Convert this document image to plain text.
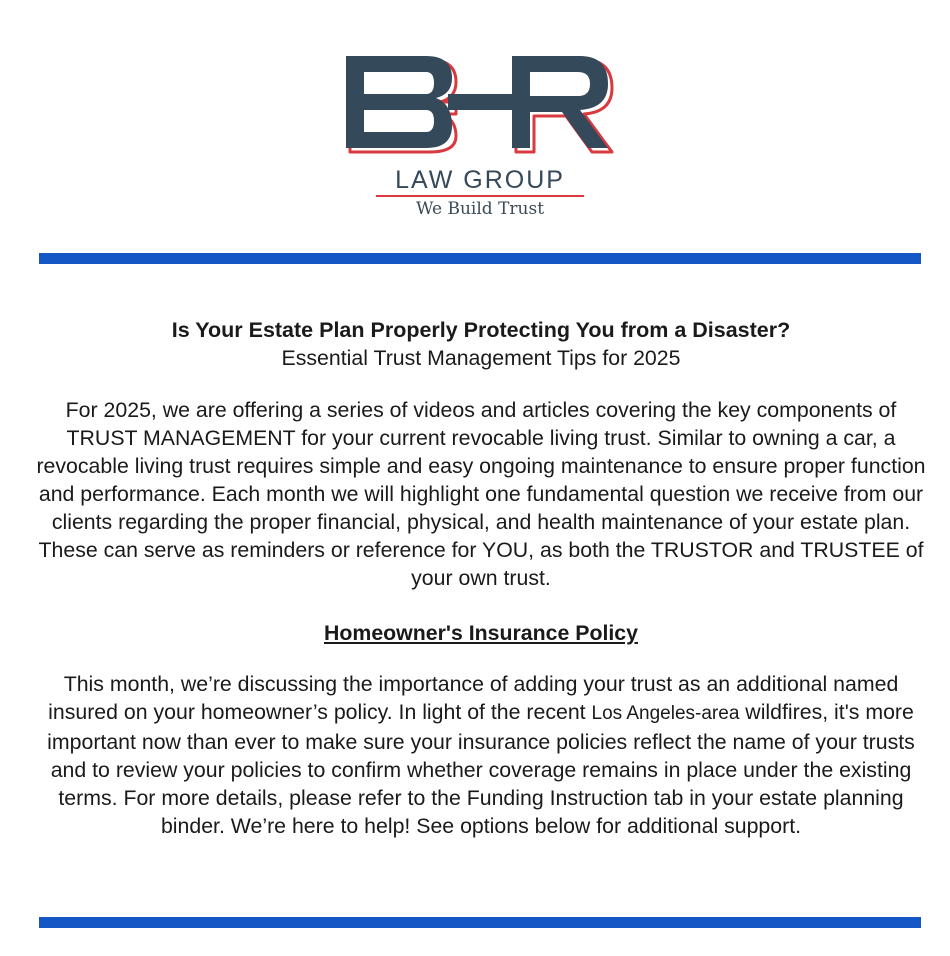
LAW GROUP
We Build Trust

Is Your Estate Plan Properly Protecting You from a Disaster?

Essential Trust Management Tips for 2025

For 2025, we are offering a series of videos and articles covering the key components of TRUST MANAGEMENT for your current revocable living trust. Similar to owning a car, a revocable living trust requires simple and easy ongoing maintenance to ensure proper function and performance. Each month we will highlight one fundamental question we receive from our clients regarding the proper financial, physical, and health maintenance of your estate plan. These can serve as reminders or reference for YOU, as both the TRUSTOR and TRUSTEE of your own trust.

Homeowner's Insurance Policy

This month, we’re discussing the importance of adding your trust as an additional named insured on your homeowner’s policy. In light of the recent Los Angeles-area wildfires, it's more important now than ever to make sure your insurance policies reflect the name of your trusts and to review your policies to confirm whether coverage remains in place under the existing terms. For more details, please refer to the Funding Instruction tab in your estate planning binder. We’re here to help! See options below for additional support.
